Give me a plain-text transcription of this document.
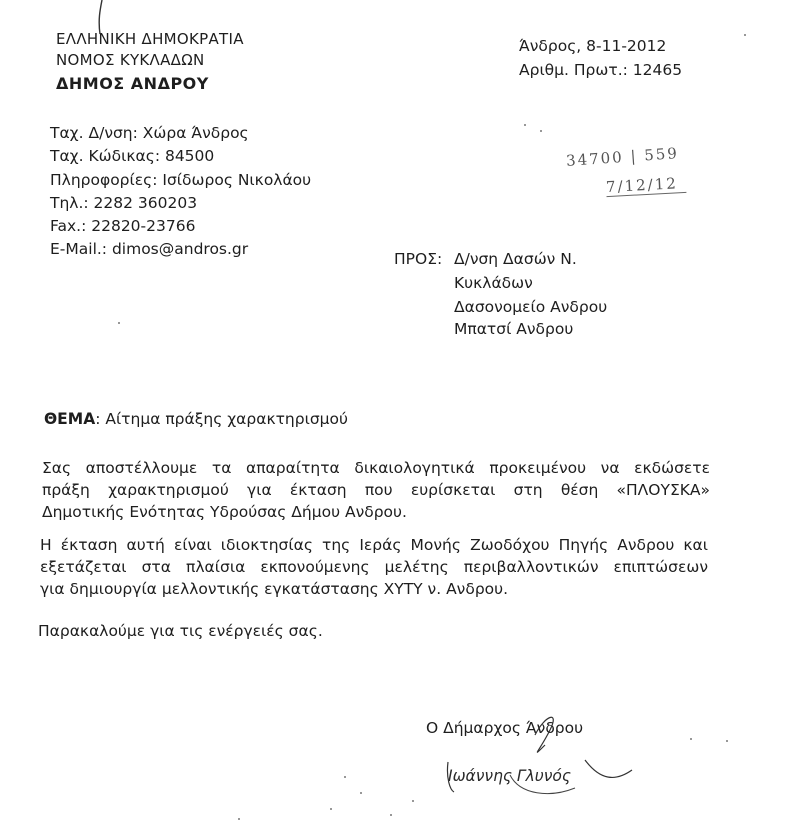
ΕΛΛΗΝΙΚΗ ΔΗΜΟΚΡΑΤΙΑ
ΝΟΜΟΣ ΚΥΚΛΑΔΩΝ
ΔΗΜΟΣ ΑΝΔΡΟΥ
Ταχ. Δ/νση: Χώρα Άνδρος
Ταχ. Κώδικας: 84500
Πληροφορίες: Ισίδωρος Νικολάου
Τηλ.: 2282 360203
Fax.: 22820-23766
E-Mail.: dimos@andros.gr
Άνδρος, 8-11-2012
Αριθμ. Πρωτ.: 12465
34700 | 559
7/12/12
ΠΡΟΣ: Δ/νση Δασών Ν.
Κυκλάδων
Δασονομείο Ανδρου
Μπατσί Ανδρου
ΘΕΜΑ: Αίτημα πράξης χαρακτηρισμού
Σας αποστέλλουμε τα απαραίτητα δικαιολογητικά προκειμένου να εκδώσετε
πράξη χαρακτηρισμού για έκταση που ευρίσκεται στη θέση «ΠΛΟΥΣΚΑ»
Δημοτικής Ενότητας Υδρούσας Δήμου Ανδρου.
Η έκταση αυτή είναι ιδιοκτησίας της Ιεράς Μονής Ζωοδόχου Πηγής Ανδρου και
εξετάζεται στα πλαίσια εκπονούμενης μελέτης περιβαλλοντικών επιπτώσεων
για δημιουργία μελλοντικής εγκατάστασης ΧΥΤΥ ν. Ανδρου.
Παρακαλούμε για τις ενέργειές σας.
Ο Δήμαρχος Άνδρου
Ιωάννης Γλυνός
